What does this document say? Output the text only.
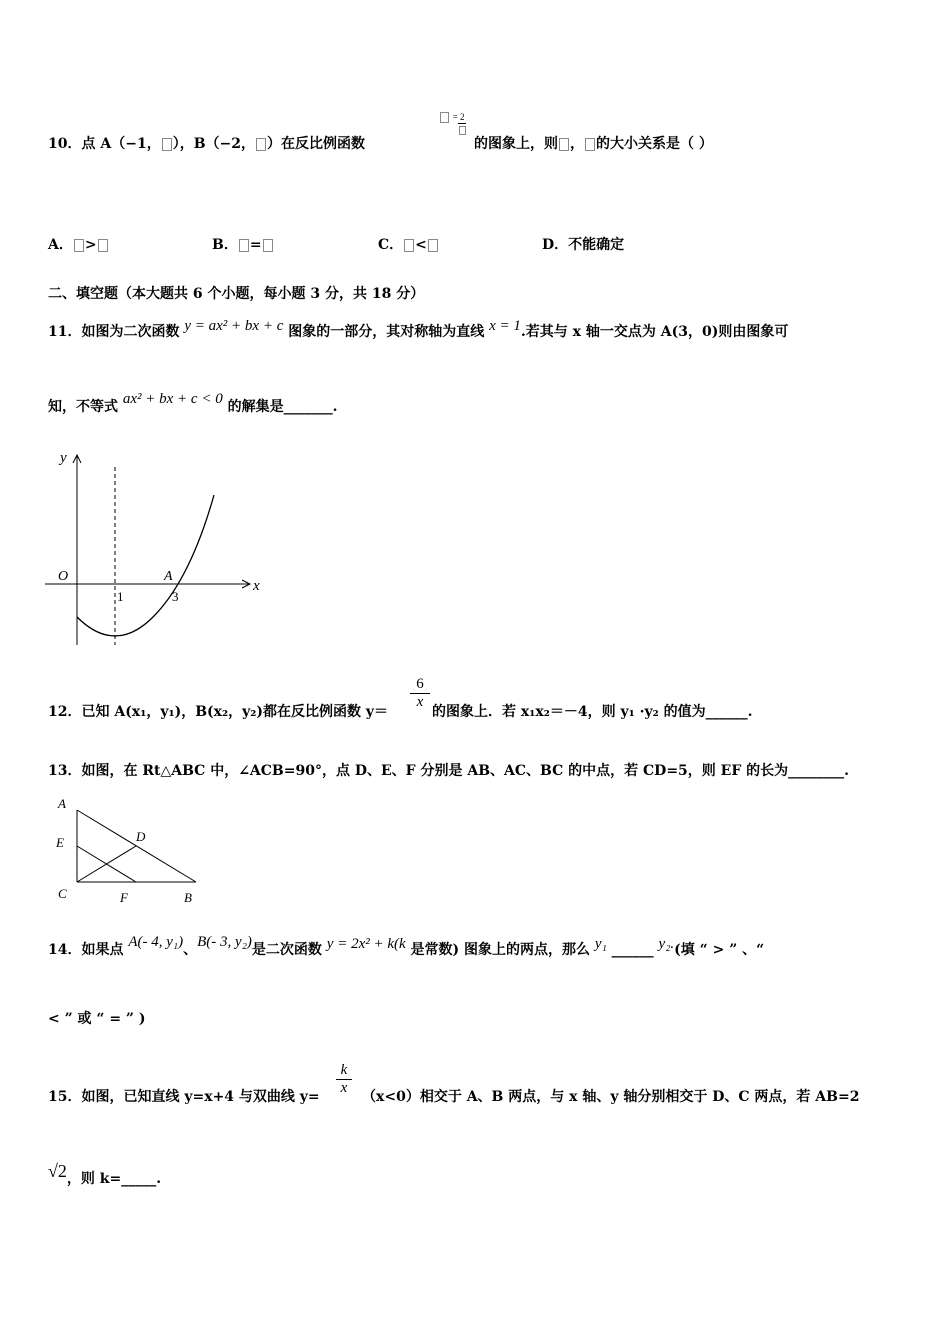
10．点 A（−1， ），B（−2， ）在反比例函数
= 2
的图象上，则 ， 的大小关系是（ ）
A． >	B． =	C． <	D．不能确定
二、填空题（本大题共 6 个小题，每小题 3 分，共 18 分）
11．如图为二次函数 y = ax² + bx + c 图象的一部分，其对称轴为直线 x = 1.若其与 x 轴一交点为 A(3，0)则由图象可
知，不等式 ax² + bx + c < 0 的解集是_______.
y
x
O	A
1	3
12．已知 A(x₁，y₁)，B(x₂，y₂)都在反比例函数 y＝
6
x
的图象上．若 x₁x₂＝－4，则 y₁ ·y₂ 的值为______.
13．如图，在 Rt△ABC 中，∠ACB=90°，点 D、E、F 分别是 AB、AC、BC 的中点，若 CD=5，则 EF 的长为________.
A
E	D
C	F	B
14．如果点 A(- 4, y₁)、B(- 3, y₂)是二次函数 y = 2x² + k(k 是常数) 图象上的两点，那么 y₁ ______ y₂.(填 “ > ” 、“
< ” 或 “ = ” )
15．如图，已知直线 y=x+4 与双曲线 y=
k
x
（x<0）相交于 A、B 两点，与 x 轴、y 轴分别相交于 D、C 两点，若 AB=2
√2，则 k=_____.
